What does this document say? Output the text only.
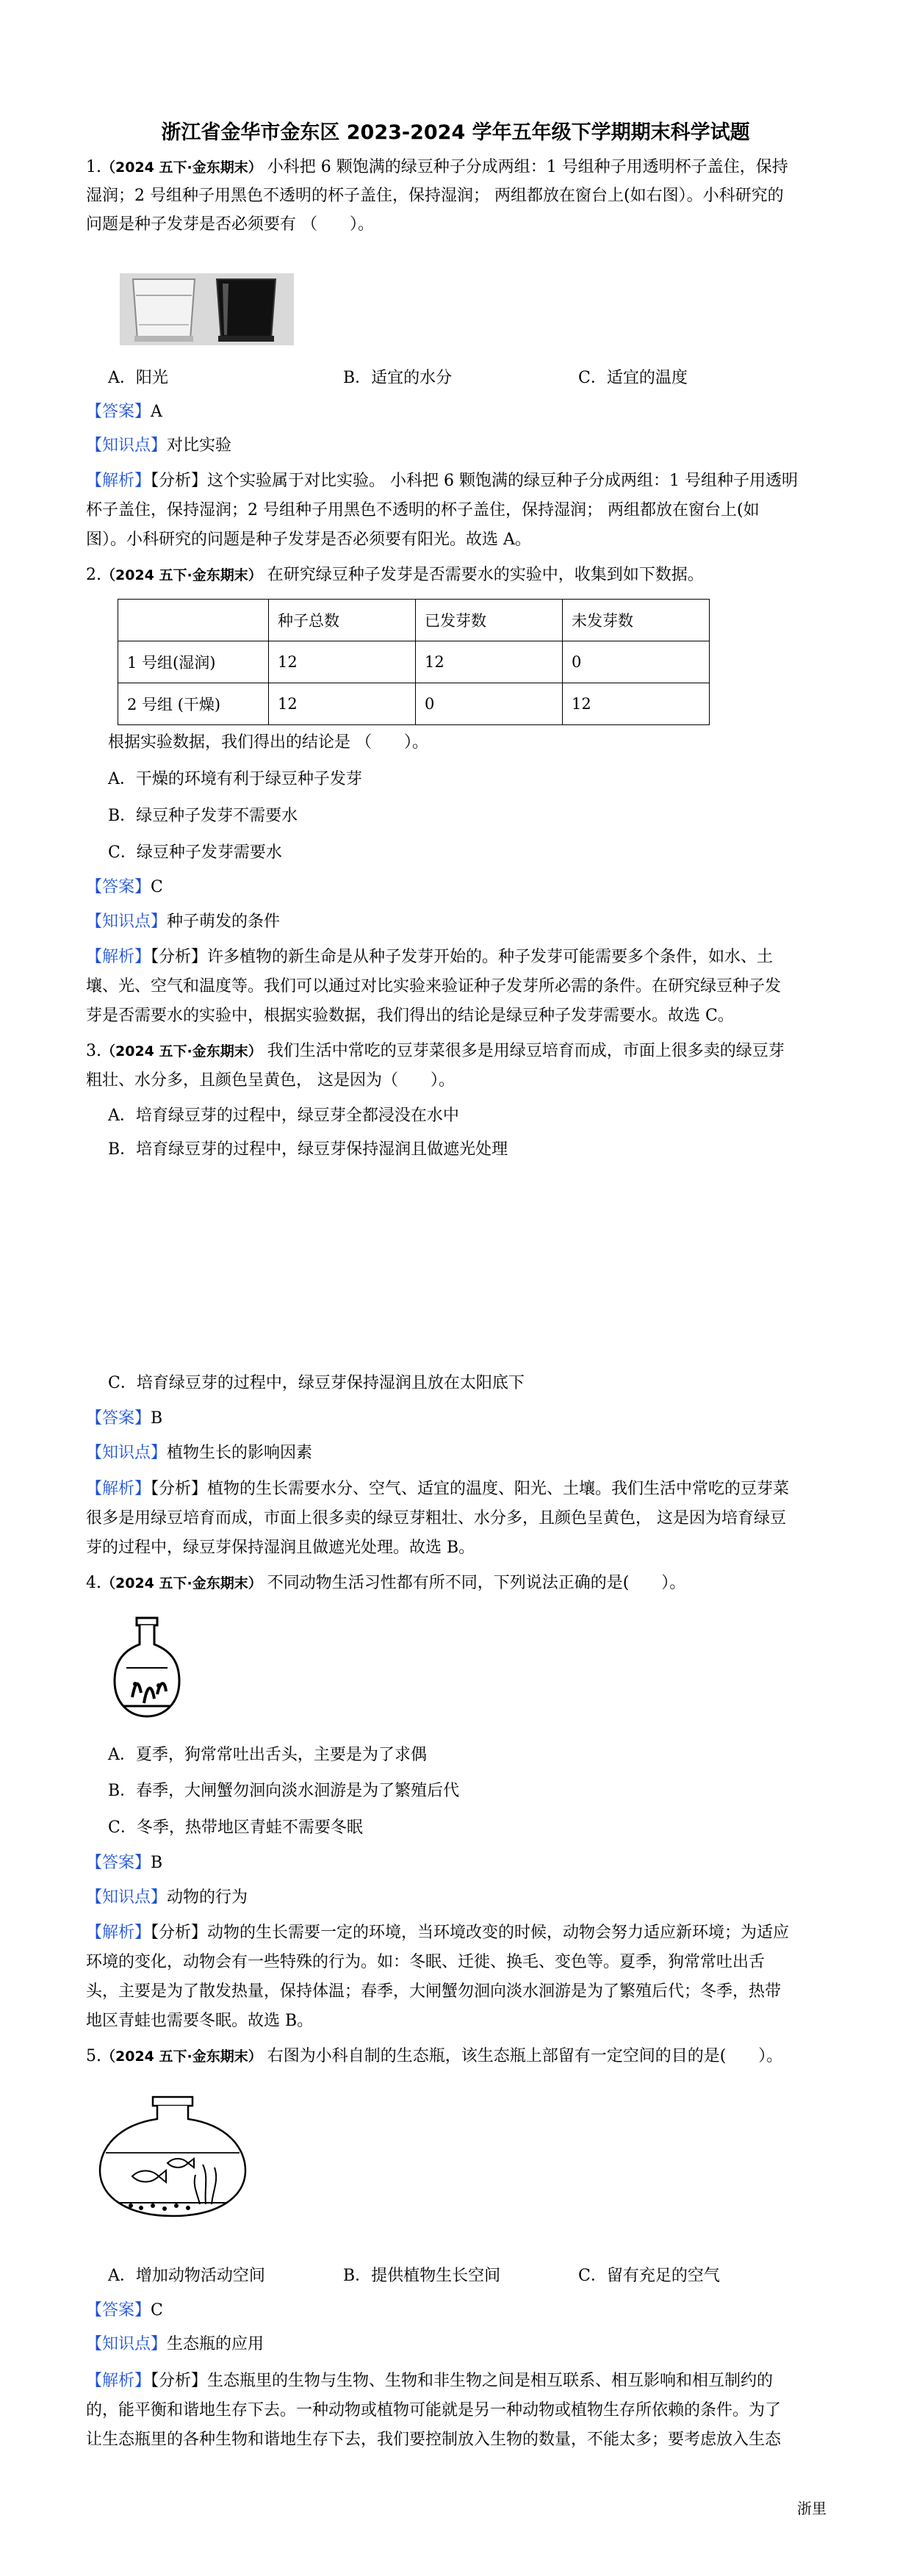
浙江省金华市金东区 2023-2024 学年五年级下学期期末科学试题
1.（2024 五下·金东期末） 小科把 6 颗饱满的绿豆种子分成两组：1 号组种子用透明杯子盖住，保持
湿润；2 号组种子用黑色不透明的杯子盖住，保持湿润； 两组都放在窗台上(如右图）。小科研究的
问题是种子发芽是否必须要有 （　　）。
A．阳光	B．适宜的水分	C．适宜的温度
【答案】A
【知识点】对比实验
【解析】【分析】这个实验属于对比实验。 小科把 6 颗饱满的绿豆种子分成两组：1 号组种子用透明
杯子盖住，保持湿润；2 号组种子用黑色不透明的杯子盖住，保持湿润； 两组都放在窗台上(如
图）。小科研究的问题是种子发芽是否必须要有阳光。故选 A。
2.（2024 五下·金东期末） 在研究绿豆种子发芽是否需要水的实验中，收集到如下数据。
	种子总数	已发芽数	未发芽数
1 号组(湿润)	12	12	0
2 号组 (干燥)	12	0	12
根据实验数据，我们得出的结论是 （　　）。
A．干燥的环境有利于绿豆种子发芽
B．绿豆种子发芽不需要水
C．绿豆种子发芽需要水
【答案】C
【知识点】种子萌发的条件
【解析】【分析】许多植物的新生命是从种子发芽开始的。种子发芽可能需要多个条件，如水、土
壤、光、空气和温度等。我们可以通过对比实验来验证种子发芽所必需的条件。在研究绿豆种子发
芽是否需要水的实验中，根据实验数据，我们得出的结论是绿豆种子发芽需要水。故选 C。
3.（2024 五下·金东期末） 我们生活中常吃的豆芽菜很多是用绿豆培育而成，市面上很多卖的绿豆芽
粗壮、水分多，且颜色呈黄色， 这是因为（　　）。
A．培育绿豆芽的过程中，绿豆芽全都浸没在水中
B．培育绿豆芽的过程中，绿豆芽保持湿润且做遮光处理
C．培育绿豆芽的过程中，绿豆芽保持湿润且放在太阳底下
【答案】B
【知识点】植物生长的影响因素
【解析】【分析】植物的生长需要水分、空气、适宜的温度、阳光、土壤。我们生活中常吃的豆芽菜
很多是用绿豆培育而成，市面上很多卖的绿豆芽粗壮、水分多，且颜色呈黄色， 这是因为培育绿豆
芽的过程中，绿豆芽保持湿润且做遮光处理。故选 B。
4.（2024 五下·金东期末） 不同动物生活习性都有所不同，下列说法正确的是(　　）。
A．夏季，狗常常吐出舌头，主要是为了求偶
B．春季，大闸蟹勿洄向淡水洄游是为了繁殖后代
C．冬季，热带地区青蛙不需要冬眠
【答案】B
【知识点】动物的行为
【解析】【分析】动物的生长需要一定的环境，当环境改变的时候，动物会努力适应新环境；为适应
环境的变化，动物会有一些特殊的行为。如：冬眠、迁徙、换毛、变色等。夏季，狗常常吐出舌
头，主要是为了散发热量，保持体温；春季，大闸蟹勿洄向淡水洄游是为了繁殖后代；冬季，热带
地区青蛙也需要冬眠。故选 B。
5.（2024 五下·金东期末） 右图为小科自制的生态瓶，该生态瓶上部留有一定空间的目的是(　　）。
A．增加动物活动空间	B．提供植物生长空间	C．留有充足的空气
【答案】C
【知识点】生态瓶的应用
【解析】【分析】生态瓶里的生物与生物、生物和非生物之间是相互联系、相互影响和相互制约的
的，能平衡和谐地生存下去。一种动物或植物可能就是另一种动物或植物生存所依赖的条件。为了
让生态瓶里的各种生物和谐地生存下去，我们要控制放入生物的数量，不能太多；要考虑放入生态
浙里
